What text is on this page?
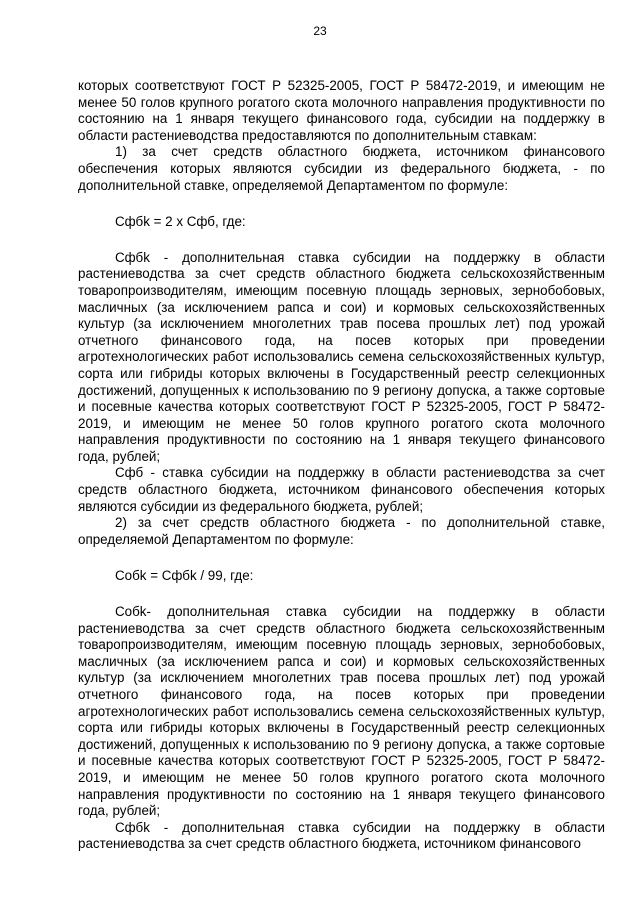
23

которых соответствуют ГОСТ Р 52325-2005, ГОСТ Р 58472-2019, и имеющим не менее 50 голов крупного рогатого скота молочного направления продуктивности по состоянию на 1 января текущего финансового года, субсидии на поддержку в области растениеводства предоставляются по дополнительным ставкам:

1) за счет средств областного бюджета, источником финансового обеспечения которых являются субсидии из федерального бюджета, - по дополнительной ставке, определяемой Департаментом по формуле:

Сфбk = 2 x Сфб, где:

Сфбk - дополнительная ставка субсидии на поддержку в области растениеводства за счет средств областного бюджета сельскохозяйственным товаропроизводителям, имеющим посевную площадь зерновых, зернобобовых, масличных (за исключением рапса и сои) и кормовых сельскохозяйственных культур (за исключением многолетних трав посева прошлых лет) под урожай отчетного финансового года, на посев которых при проведении агротехнологических работ использовались семена сельскохозяйственных культур, сорта или гибриды которых включены в Государственный реестр селекционных достижений, допущенных к использованию по 9 региону допуска, а также сортовые и посевные качества которых соответствуют ГОСТ Р 52325-2005, ГОСТ Р 58472-2019, и имеющим не менее 50 голов крупного рогатого скота молочного направления продуктивности по состоянию на 1 января текущего финансового года, рублей;

Сфб - ставка субсидии на поддержку в области растениеводства за счет средств областного бюджета, источником финансового обеспечения которых являются субсидии из федерального бюджета, рублей;

2) за счет средств областного бюджета - по дополнительной ставке, определяемой Департаментом по формуле:

Собk = Сфбk / 99, где:

Собk- дополнительная ставка субсидии на поддержку в области растениеводства за счет средств областного бюджета сельскохозяйственным товаропроизводителям, имеющим посевную площадь зерновых, зернобобовых, масличных (за исключением рапса и сои) и кормовых сельскохозяйственных культур (за исключением многолетних трав посева прошлых лет) под урожай отчетного финансового года, на посев которых при проведении агротехнологических работ использовались семена сельскохозяйственных культур, сорта или гибриды которых включены в Государственный реестр селекционных достижений, допущенных к использованию по 9 региону допуска, а также сортовые и посевные качества которых соответствуют ГОСТ Р 52325-2005, ГОСТ Р 58472-2019, и имеющим не менее 50 голов крупного рогатого скота молочного направления продуктивности по состоянию на 1 января текущего финансового года, рублей;

Сфбk - дополнительная ставка субсидии на поддержку в области растениеводства за счет средств областного бюджета, источником финансового
